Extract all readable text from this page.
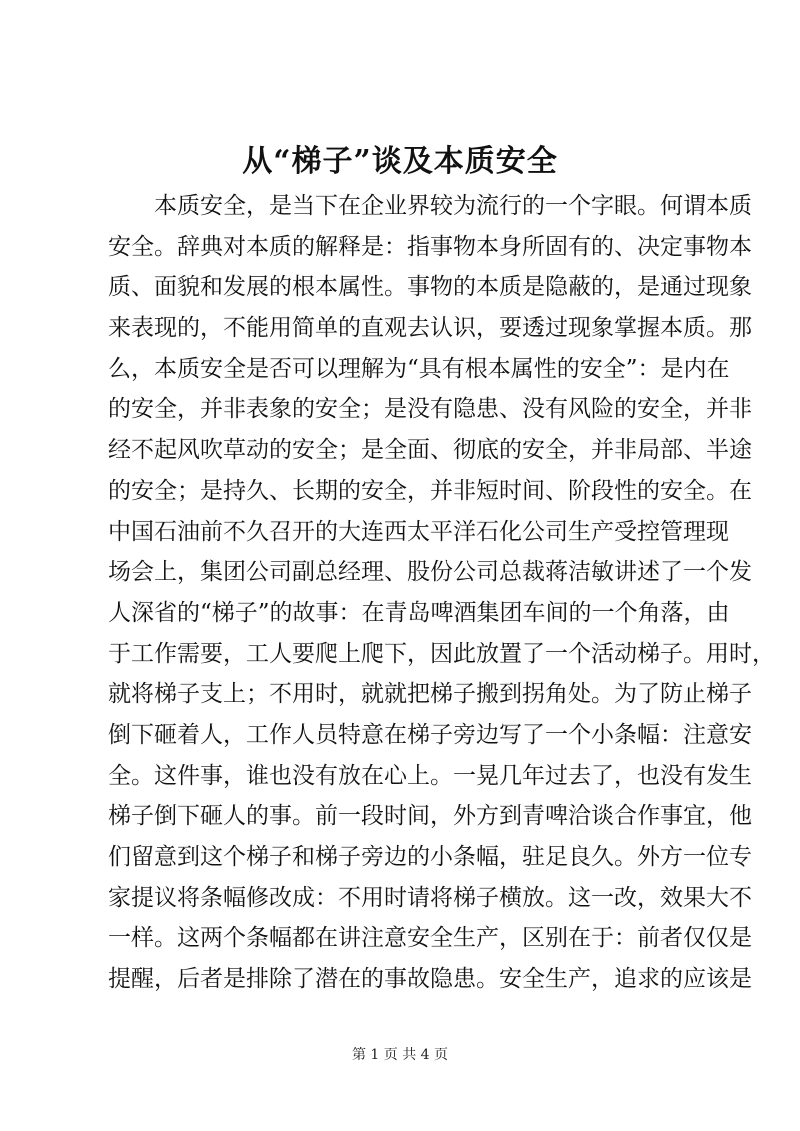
从“梯子”谈及本质安全
本质安全，是当下在企业界较为流行的一个字眼。何谓本质
安全。辞典对本质的解释是：指事物本身所固有的、决定事物本
质、面貌和发展的根本属性。事物的本质是隐蔽的，是通过现象
来表现的，不能用简单的直观去认识，要透过现象掌握本质。那
么，本质安全是否可以理解为“具有根本属性的安全”：是内在
的安全，并非表象的安全；是没有隐患、没有风险的安全，并非
经不起风吹草动的安全；是全面、彻底的安全，并非局部、半途
的安全；是持久、长期的安全，并非短时间、阶段性的安全。在
中国石油前不久召开的大连西太平洋石化公司生产受控管理现
场会上，集团公司副总经理、股份公司总裁蒋洁敏讲述了一个发
人深省的“梯子”的故事：在青岛啤酒集团车间的一个角落，由
于工作需要，工人要爬上爬下，因此放置了一个活动梯子。用时，
就将梯子支上；不用时，就就把梯子搬到拐角处。为了防止梯子
倒下砸着人，工作人员特意在梯子旁边写了一个小条幅：注意安
全。这件事，谁也没有放在心上。一晃几年过去了，也没有发生
梯子倒下砸人的事。前一段时间，外方到青啤洽谈合作事宜，他
们留意到这个梯子和梯子旁边的小条幅，驻足良久。外方一位专
家提议将条幅修改成：不用时请将梯子横放。这一改，效果大不
一样。这两个条幅都在讲注意安全生产，区别在于：前者仅仅是
提醒，后者是排除了潜在的事故隐患。安全生产，追求的应该是
第 1 页 共 4 页
